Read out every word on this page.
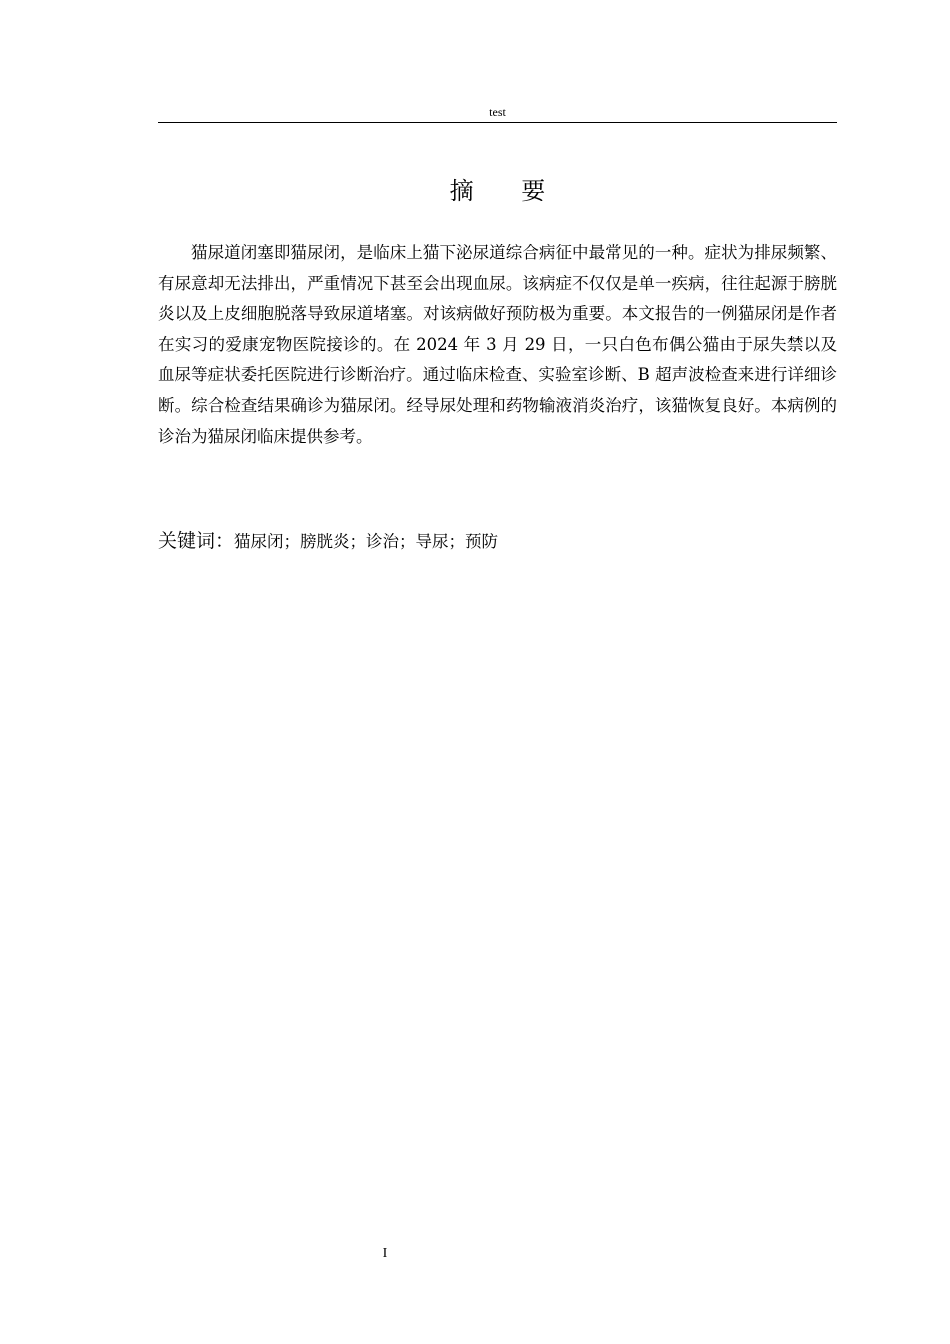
test
摘 要

猫尿道闭塞即猫尿闭，是临床上猫下泌尿道综合病征中最常见的一种。症状为排尿频繁、有尿意却无法排出，严重情况下甚至会出现血尿。该病症不仅仅是单一疾病，往往起源于膀胱炎以及上皮细胞脱落导致尿道堵塞。对该病做好预防极为重要。本文报告的一例猫尿闭是作者在实习的爱康宠物医院接诊的。在 2024 年 3 月 29 日，一只白色布偶公猫由于尿失禁以及血尿等症状委托医院进行诊断治疗。通过临床检查、实验室诊断、B 超声波检查来进行详细诊断。综合检查结果确诊为猫尿闭。经导尿处理和药物输液消炎治疗，该猫恢复良好。本病例的诊治为猫尿闭临床提供参考。

关键词：猫尿闭；膀胱炎；诊治；导尿；预防

I
